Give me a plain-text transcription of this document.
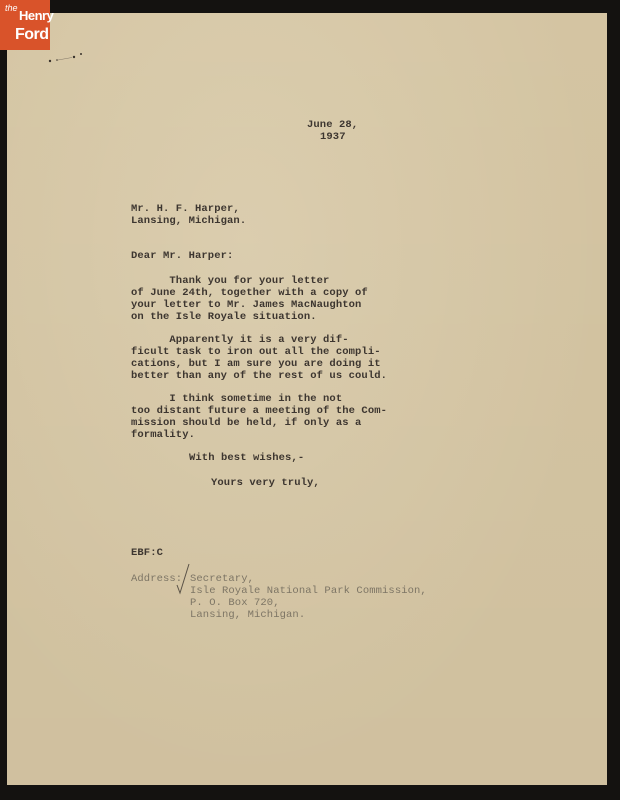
the Henry
Ford
June 28,
1937
Mr. H. F. Harper,
Lansing, Michigan.
Dear Mr. Harper:
Thank you for your letter
of June 24th, together with a copy of
your letter to Mr. James MacNaughton
on the Isle Royale situation.
Apparently it is a very dif-
ficult task to iron out all the compli-
cations, but I am sure you are doing it
better than any of the rest of us could.
I think sometime in the not
too distant future a meeting of the Com-
mission should be held, if only as a
formality.
With best wishes,-
Yours very truly,
EBF:C
Address: Secretary,
Isle Royale National Park Commission,
P. O. Box 720,
Lansing, Michigan.
